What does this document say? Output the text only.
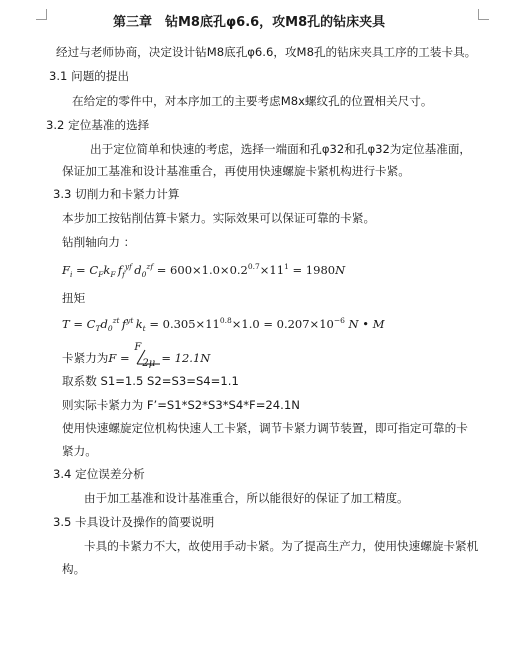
第三章　钻M8底孔φ6.6，攻M8孔的钻床夹具
经过与老师协商，决定设计钻M8底孔φ6.6，攻M8孔的钻床夹具工序的工装卡具。
3.1 问题的提出
在给定的零件中，对本序加工的主要考虑M8x螺纹孔的位置相关尺寸。
3.2 定位基准的选择
出于定位简单和快速的考虑，选择一端面和孔φ32和孔φ32为定位基准面，
保证加工基准和设计基准重合，再使用快速螺旋卡紧机构进行卡紧。
3.3 切削力和卡紧力计算
本步加工按钻削估算卡紧力。实际效果可以保证可靠的卡紧。
钻削轴向力 ：
$F_i = C_Fk_F$  $f_f^{yf}$  $d_0^{zf} = 600\times 1.0\times 0.2^{0.7}\times 11^1 = 1980N$
扭矩
$T = C_Td_0^{zt}$  $f^{yt}$  $k_t = 0.305\times 11^{0.8}\times 1.0 = 0.207\times 10^{-6}$ N • M
卡紧力为F =
F
2μ = 12.1N
取系数 S1=1.5 S2=S3=S4=1.1
则实际卡紧力为 F’=S1*S2*S3*S4*F=24.1N
使用快速螺旋定位机构快速人工卡紧，调节卡紧力调节装置，即可指定可靠的卡
紧力。
3.4 定位误差分析
由于加工基准和设计基准重合，所以能很好的保证了加工精度。
3.5 卡具设计及操作的简要说明
卡具的卡紧力不大，故使用手动卡紧。为了提高生产力，使用快速螺旋卡紧机
构。
